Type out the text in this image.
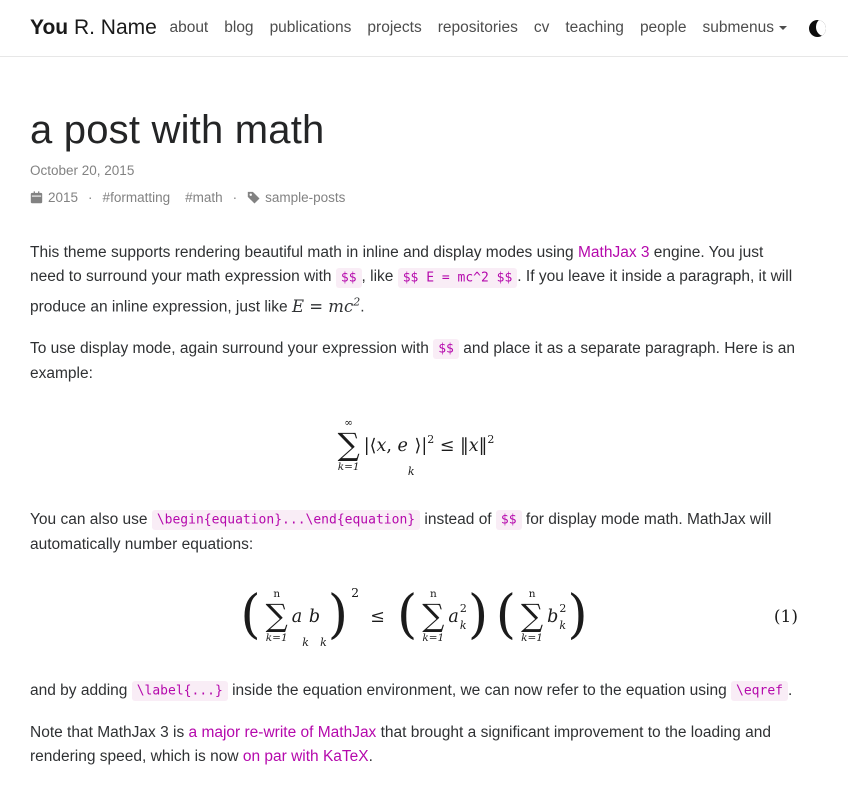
You R. Name about	blog	publications	projects	repositories	cv	teaching	people	submenus
a post with math

October 20, 2015

2015 · # formatting # math ·	sample-posts

This theme supports rendering beautiful math in inline and display modes using MathJax 3 engine. You just need to surround your math expression with $$ , like $$ E = mc^2 $$ . If you leave it inside a paragraph, it will produce an inline expression, just like $E = mc^2$.

To use display mode, again surround your expression with $$ and place it as a separate paragraph. Here is an example:

∞
∑
k=1
|⟨ x , e
k
⟩| 2 ≤ ‖ x ‖ 2

You can also use \begin{equation}...\end{equation} instead of $$ for display mode math. MathJax will automatically number equations:

( n
∑
k=1
a
k
b
k ) 2
≤ ( n
∑
k=1
a 2
k )
( n
∑
k=1
b 2
k )	(1)

and by adding \label{...} inside the equation environment, we can now refer to the equation using \eqref .

Note that MathJax 3 is a major re-write of MathJax that brought a significant improvement to the loading and rendering speed, which is now on par with KaTeX.
